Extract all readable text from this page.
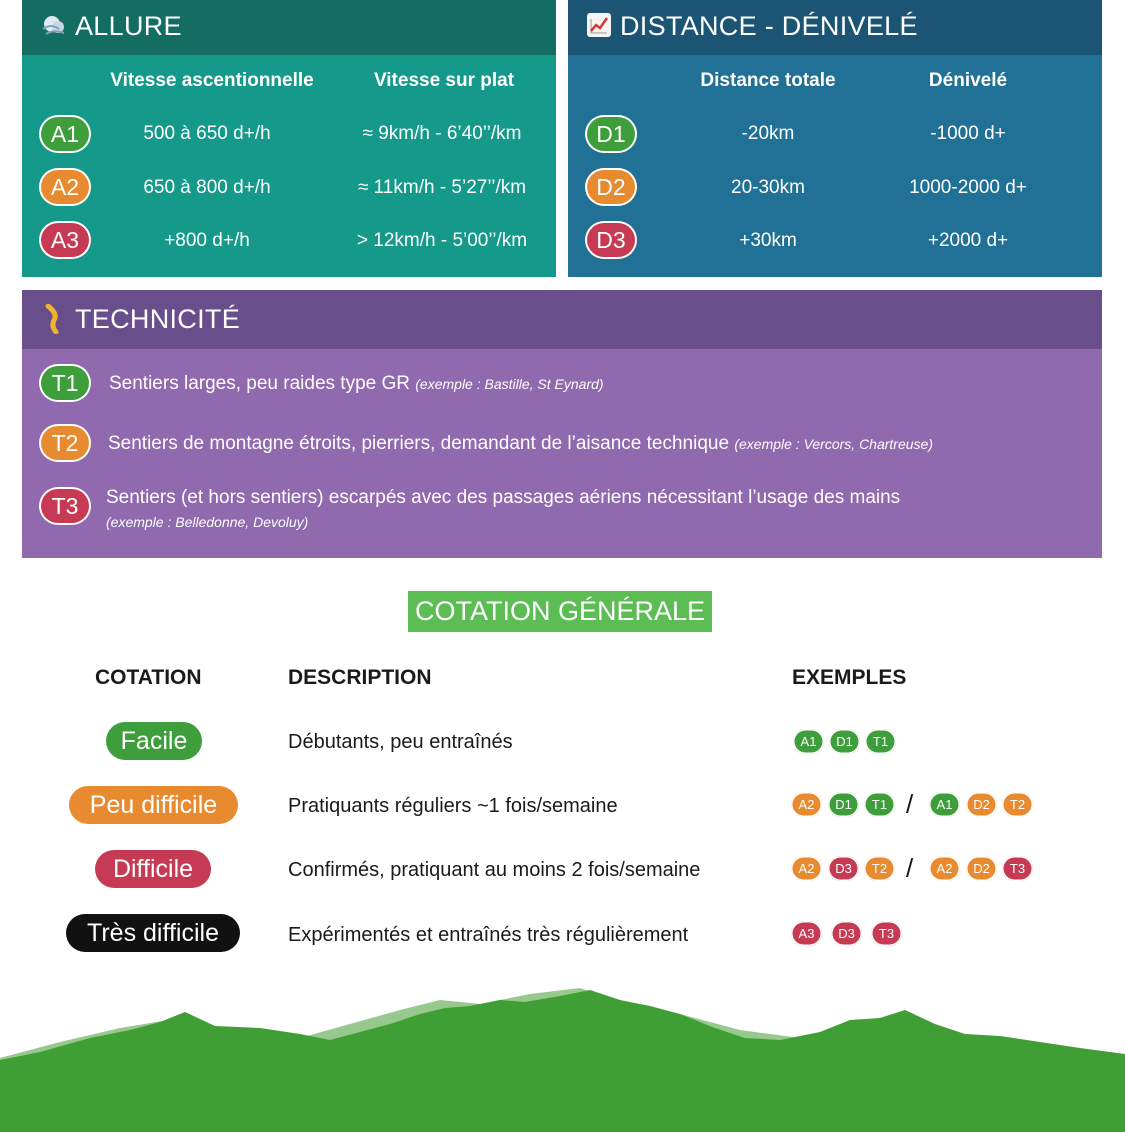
ALLURE
Vitesse ascentionnelle	Vitesse sur plat
A1	500 à 650 d+/h	≈ 9km/h - 6’40’’/km
A2	650 à 800 d+/h	≈ 11km/h - 5’27’’/km
A3	+800 d+/h	> 12km/h - 5’00’’/km
DISTANCE - DÉNIVELÉ
Distance totale	Dénivelé
D1	-20km	-1000 d+
D2	20-30km	1000-2000 d+
D3	+30km	+2000 d+
TECHNICITÉ
T1	Sentiers larges, peu raides type GR (exemple : Bastille, St Eynard)
T2	Sentiers de montagne étroits, pierriers, demandant de l’aisance technique (exemple : Vercors, Chartreuse)
T3	Sentiers (et hors sentiers) escarpés avec des passages aériens nécessitant l’usage des mains
(exemple : Belledonne, Devoluy)
COTATION GÉNÉRALE
COTATION	DESCRIPTION	EXEMPLES
Facile	Débutants, peu entraînés	A1	D1	T1
Peu difficile	Pratiquants réguliers ~1 fois/semaine	A2	D1	T1 /	A1	D2	T2
Difficile	Confirmés, pratiquant au moins 2 fois/semaine	A2	D3	T2 /	A2	D2	T3
Très difficile	Expérimentés et entraînés très régulièrement	A3	D3	T3
